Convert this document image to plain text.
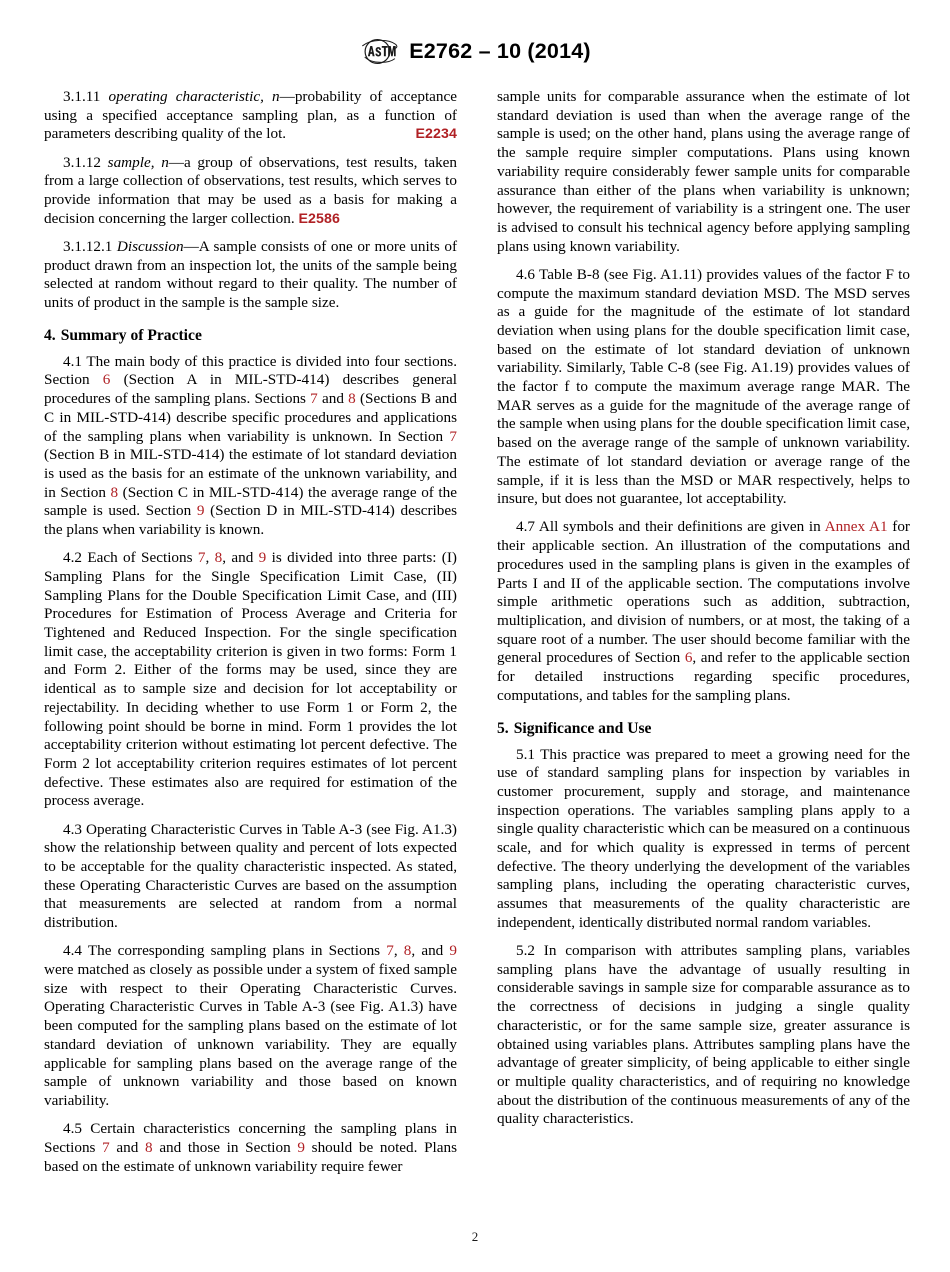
E2762 – 10 (2014)

3.1.11 operating characteristic, n—probability of acceptance using a specified acceptance sampling plan, as a function of parameters describing quality of the lot.	E2234

3.1.12 sample, n—a group of observations, test results, taken from a large collection of observations, test results, which serves to provide information that may be used as a basis for making a decision concerning the larger collection. E2586

3.1.12.1 Discussion—A sample consists of one or more units of product drawn from an inspection lot, the units of the sample being selected at random without regard to their quality. The number of units of product in the sample is the sample size.

4. Summary of Practice

4.1 The main body of this practice is divided into four sections. Section 6 (Section A in MIL-STD-414) describes general procedures of the sampling plans. Sections 7 and 8 (Sections B and C in MIL-STD-414) describe specific procedures and applications of the sampling plans when variability is unknown. In Section 7 (Section B in MIL-STD-414) the estimate of lot standard deviation is used as the basis for an estimate of the unknown variability, and in Section 8 (Section C in MIL-STD-414) the average range of the sample is used. Section 9 (Section D in MIL-STD-414) describes the plans when variability is known.

4.2 Each of Sections 7, 8, and 9 is divided into three parts: (I) Sampling Plans for the Single Specification Limit Case, (II) Sampling Plans for the Double Specification Limit Case, and (III) Procedures for Estimation of Process Average and Criteria for Tightened and Reduced Inspection. For the single specification limit case, the acceptability criterion is given in two forms: Form 1 and Form 2. Either of the forms may be used, since they are identical as to sample size and decision for lot acceptability or rejectability. In deciding whether to use Form 1 or Form 2, the following point should be borne in mind. Form 1 provides the lot acceptability criterion without estimating lot percent defective. The Form 2 lot acceptability criterion requires estimates of lot percent defective. These estimates also are required for estimation of the process average.

4.3 Operating Characteristic Curves in Table A-3 (see Fig. A1.3) show the relationship between quality and percent of lots expected to be acceptable for the quality characteristic inspected. As stated, these Operating Characteristic Curves are based on the assumption that measurements are selected at random from a normal distribution.

4.4 The corresponding sampling plans in Sections 7, 8, and 9 were matched as closely as possible under a system of fixed sample size with respect to their Operating Characteristic Curves. Operating Characteristic Curves in Table A-3 (see Fig. A1.3) have been computed for the sampling plans based on the estimate of lot standard deviation of unknown variability. They are equally applicable for sampling plans based on the average range of the sample of unknown variability and those based on known variability.

4.5 Certain characteristics concerning the sampling plans in Sections 7 and 8 and those in Section 9 should be noted. Plans based on the estimate of unknown variability require fewer

sample units for comparable assurance when the estimate of lot standard deviation is used than when the average range of the sample is used; on the other hand, plans using the average range of the sample require simpler computations. Plans using known variability require considerably fewer sample units for comparable assurance than either of the plans when variability is unknown; however, the requirement of variability is a stringent one. The user is advised to consult his technical agency before applying sampling plans using known variability.

4.6 Table B-8 (see Fig. A1.11) provides values of the factor F to compute the maximum standard deviation MSD. The MSD serves as a guide for the magnitude of the estimate of lot standard deviation when using plans for the double specification limit case, based on the estimate of lot standard deviation of unknown variability. Similarly, Table C-8 (see Fig. A1.19) provides values of the factor f to compute the maximum average range MAR. The MAR serves as a guide for the magnitude of the average range of the sample when using plans for the double specification limit case, based on the average range of the sample of unknown variability. The estimate of lot standard deviation or average range of the sample, if it is less than the MSD or MAR respectively, helps to insure, but does not guarantee, lot acceptability.

4.7 All symbols and their definitions are given in Annex A1 for their applicable section. An illustration of the computations and procedures used in the sampling plans is given in the examples of Parts I and II of the applicable section. The computations involve simple arithmetic operations such as addition, subtraction, multiplication, and division of numbers, or at most, the taking of a square root of a number. The user should become familiar with the general procedures of Section 6, and refer to the applicable section for detailed instructions regarding specific procedures, computations, and tables for the sampling plans.

5. Significance and Use

5.1 This practice was prepared to meet a growing need for the use of standard sampling plans for inspection by variables in customer procurement, supply and storage, and maintenance inspection operations. The variables sampling plans apply to a single quality characteristic which can be measured on a continuous scale, and for which quality is expressed in terms of percent defective. The theory underlying the development of the variables sampling plans, including the operating characteristic curves, assumes that measurements of the quality characteristic are independent, identically distributed normal random variables.

5.2 In comparison with attributes sampling plans, variables sampling plans have the advantage of usually resulting in considerable savings in sample size for comparable assurance as to the correctness of decisions in judging a single quality characteristic, or for the same sample size, greater assurance is obtained using variables plans. Attributes sampling plans have the advantage of greater simplicity, of being applicable to either single or multiple quality characteristics, and of requiring no knowledge about the distribution of the continuous measurements of any of the quality characteristics.

2
